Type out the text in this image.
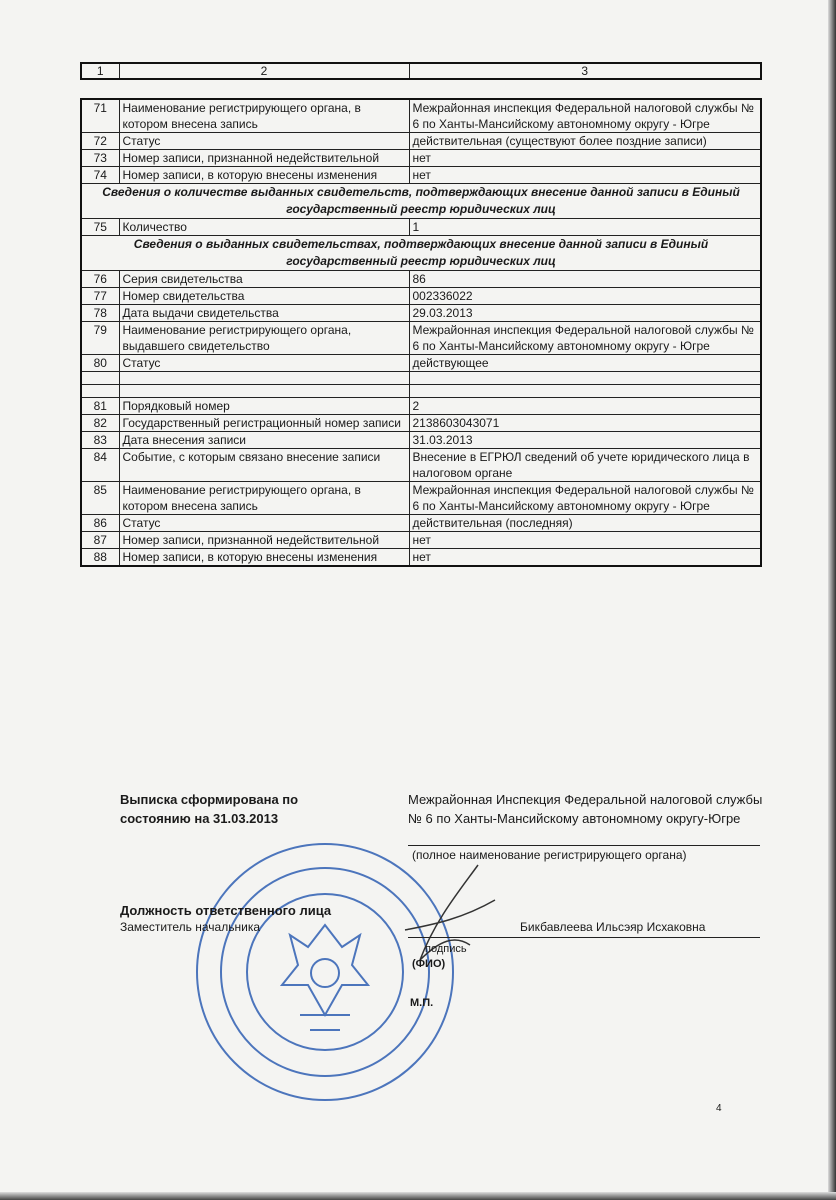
1	2	3
71	Наименование регистрирующего органа, в котором внесена запись	Межрайонная инспекция Федеральной налоговой службы № 6 по Ханты-Мансийскому автономному округу - Югре
72	Статус	действительная (существуют более поздние записи)
73	Номер записи, признанной недействительной	нет
74	Номер записи, в которую внесены изменения	нет
Сведения о количестве выданных свидетельств, подтверждающих внесение данной записи в Единый государственный реестр юридических лиц		
75	Количество	1
Сведения о выданных свидетельствах, подтверждающих внесение данной записи в Единый государственный реестр юридических лиц		
76	Серия свидетельства	86
77	Номер свидетельства	002336022
78	Дата выдачи свидетельства	29.03.2013
79	Наименование регистрирующего органа, выдавшего свидетельство	Межрайонная инспекция Федеральной налоговой службы № 6 по Ханты-Мансийскому автономному округу - Югре
80	Статус	действующее

81	Порядковый номер	2
82	Государственный регистрационный номер записи	2138603043071
83	Дата внесения записи	31.03.2013
84	Событие, с которым связано внесение записи	Внесение в ЕГРЮЛ сведений об учете юридического лица в налоговом органе
85	Наименование регистрирующего органа, в котором внесена запись	Межрайонная инспекция Федеральной налоговой службы № 6 по Ханты-Мансийскому автономному округу - Югре
86	Статус	действительная (последняя)
87	Номер записи, признанной недействительной	нет
88	Номер записи, в которую внесены изменения	нет
Выписка сформирована по состоянию на 31.03.2013
Межрайонная Инспекция Федеральной налоговой службы № 6 по Ханты-Мансийскому автономному округу-Югре
(полное наименование регистрирующего органа)
Должность ответственного лица
Заместитель начальника	Бикбавлеева Ильсэяр Исхаковна
подпись
(ФИО)
М.П.
4
